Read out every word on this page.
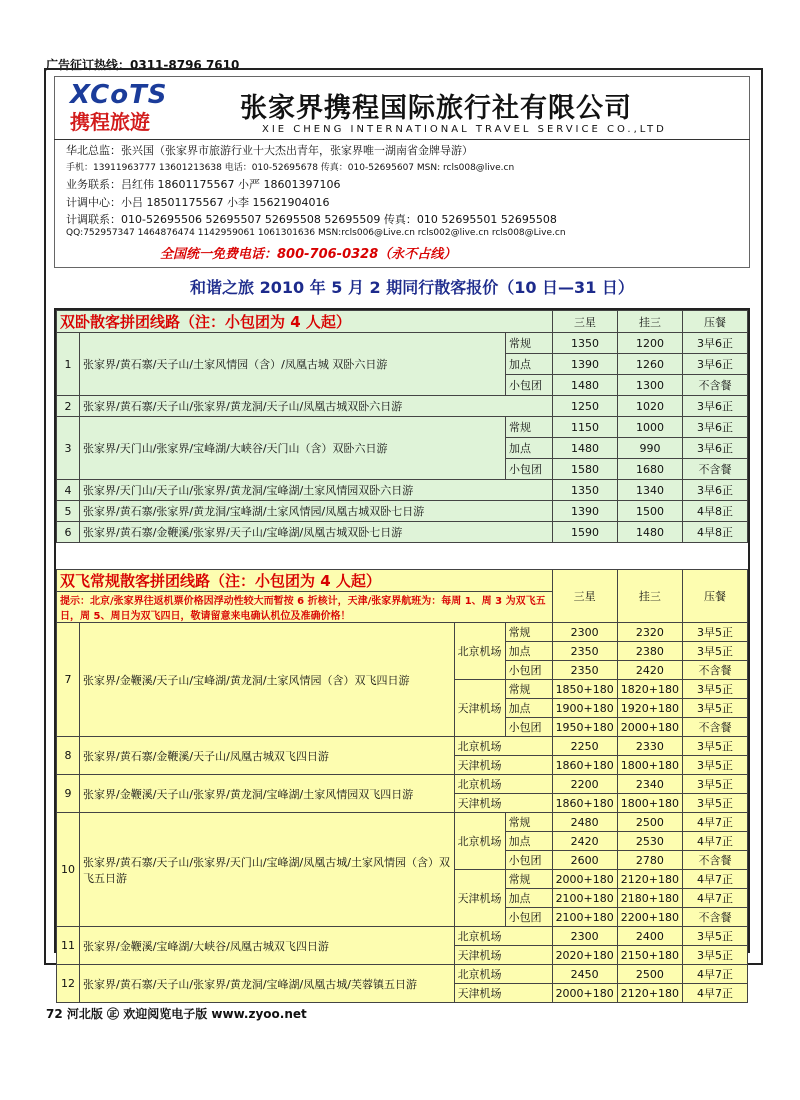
广告征订热线：0311-8796 7610
XCoTS
携程旅遊	张家界携程国际旅行社有限公司
XIE CHENG INTERNATIONAL TRAVEL SERVICE CO.,LTD
华北总监：张兴国（张家界市旅游行业十大杰出青年，张家界唯一湖南省金牌导游）
手机：13911963777 13601213638 电话：010-52695678 传真：010-52695607 MSN: rcls008@live.cn
业务联系：吕红伟 18601175567 小严 18601397106
计调中心：小吕 18501175567 小李 15621904016
计调联系：010-52695506 52695507 52695508 52695509 传真：010 52695501 52695508
QQ:752957347 1464876474 1142959061 1061301636 MSN:rcls006@Live.cn rcls002@live.cn rcls008@Live.cn
全国统一免费电话：800-706-0328（永不占线）
和谐之旅 2010 年 5 月 2 期同行散客报价（10 日—31 日）
双卧散客拼团线路（注：小包团为 4 人起）			三星	挂三	压餐
1	张家界/黄石寨/天子山/土家风情园（含）/凤凰古城 双卧六日游	常规	1350	1200	3早6正
		加点	1390	1260	3早6正
		小包团	1480	1300	不含餐
2	张家界/黄石寨/天子山/张家界/黄龙洞/天子山/凤凰古城双卧六日游		1250	1020	3早6正
3	张家界/天门山/张家界/宝峰湖/大峡谷/天门山（含）双卧六日游	常规	1150	1000	3早6正
		加点	1480	990	3早6正
		小包团	1580	1680	不含餐
4	张家界/天门山/天子山/张家界/黄龙洞/宝峰湖/土家风情园双卧六日游		1350	1340	3早6正
5	张家界/黄石寨/张家界/黄龙洞/宝峰湖/土家风情园/凤凰古城双卧七日游		1390	1500	4早8正
6	张家界/黄石寨/金鞭溪/张家界/天子山/宝峰湖/凤凰古城双卧七日游		1590	1480	4早8正
双飞常规散客拼团线路（注：小包团为 4 人起）				三星	挂三	压餐
提示：北京/张家界往返机票价格因浮动性较大而暂按 6 折核计，天津/张家界航班为：每周 1、周 3 为双飞五日，周 5、周日为双飞四日，敬请留意来电确认机位及准确价格！						
7	张家界/金鞭溪/天子山/宝峰湖/黄龙洞/土家风情园（含）双飞四日游	北京机场	常规	2300	2320	3早5正
			加点	2350	2380	3早5正
			小包团	2350	2420	不含餐
		天津机场	常规	1850+180	1820+180	3早5正
			加点	1900+180	1920+180	3早5正
			小包团	1950+180	2000+180	不含餐
8	张家界/黄石寨/金鞭溪/天子山/凤凰古城双飞四日游	北京机场		2250	2330	3早5正
		天津机场		1860+180	1800+180	3早5正
9	张家界/金鞭溪/天子山/张家界/黄龙洞/宝峰湖/土家风情园双飞四日游	北京机场		2200	2340	3早5正
		天津机场		1860+180	1800+180	3早5正
10	张家界/黄石寨/天子山/张家界/天门山/宝峰湖/凤凰古城/土家风情园（含）双飞五日游	北京机场	常规	2480	2500	4早7正
			加点	2420	2530	4早7正
			小包团	2600	2780	不含餐
		天津机场	常规	2000+180	2120+180	4早7正
			加点	2100+180	2180+180	4早7正
			小包团	2100+180	2200+180	不含餐
11	张家界/金鞭溪/宝峰湖/大峡谷/凤凰古城双飞四日游	北京机场		2300	2400	3早5正
		天津机场		2020+180	2150+180	3早5正
12	张家界/黄石寨/天子山/张家界/黄龙洞/宝峰湖/凤凰古城/芙蓉镇五日游	北京机场		2450	2500	4早7正
		天津机场		2000+180	2120+180	4早7正
72 河北版 ㊣ 欢迎阅览电子版 www.zyoo.net
